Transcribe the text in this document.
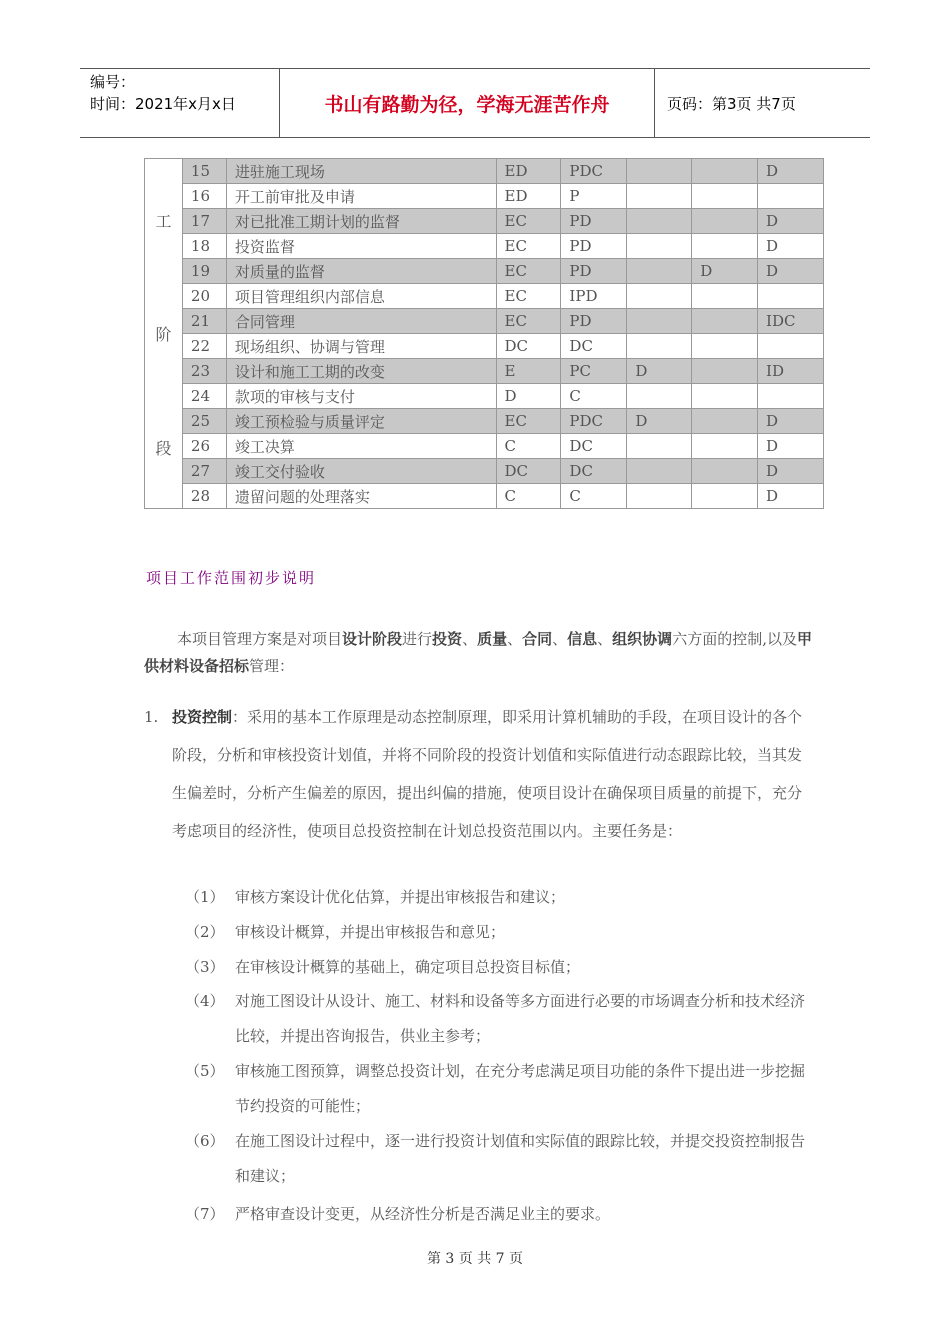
编号：
时间：2021年x月x日	书山有路勤为径，学海无涯苦作舟	页码：第3页 共7页
工
阶
段	15	进驻施工现场	ED	PDC			D
	16	开工前审批及申请	ED	P			
	17	对已批准工期计划的监督	EC	PD			D
	18	投资监督	EC	PD			D
	19	对质量的监督	EC	PD		D	D
	20	项目管理组织内部信息	EC	IPD			
	21	合同管理	EC	PD			IDC
	22	现场组织、协调与管理	DC	DC			
	23	设计和施工工期的改变	E	PC	D		ID
	24	款项的审核与支付	D	C			
	25	竣工预检验与质量评定	EC	PDC	D		D
	26	竣工决算	C	DC			D
	27	竣工交付验收	DC	DC			D
	28	遗留问题的处理落实	C	C			D
项目工作范围初步说明
本项目管理方案是对项目设计阶段进行投资、质量、合同、信息、组织协调六方面的控制,以及甲供材料设备招标管理：
1. 投资控制：采用的基本工作原理是动态控制原理，即采用计算机辅助的手段，在项目设计的各个阶段，分析和审核投资计划值，并将不同阶段的投资计划值和实际值进行动态跟踪比较，当其发生偏差时，分析产生偏差的原因，提出纠偏的措施，使项目设计在确保项目质量的前提下，充分考虑项目的经济性，使项目总投资控制在计划总投资范围以内。主要任务是：
（1） 审核方案设计优化估算，并提出审核报告和建议；
（2） 审核设计概算，并提出审核报告和意见；
（3） 在审核设计概算的基础上，确定项目总投资目标值；
（4） 对施工图设计从设计、施工、材料和设备等多方面进行必要的市场调查分析和技术经济比较，并提出咨询报告，供业主参考；
（5） 审核施工图预算，调整总投资计划，在充分考虑满足项目功能的条件下提出进一步挖掘节约投资的可能性；
（6） 在施工图设计过程中，逐一进行投资计划值和实际值的跟踪比较，并提交投资控制报告和建议；
（7） 严格审查设计变更，从经济性分析是否满足业主的要求。
第 3 页 共 7 页
